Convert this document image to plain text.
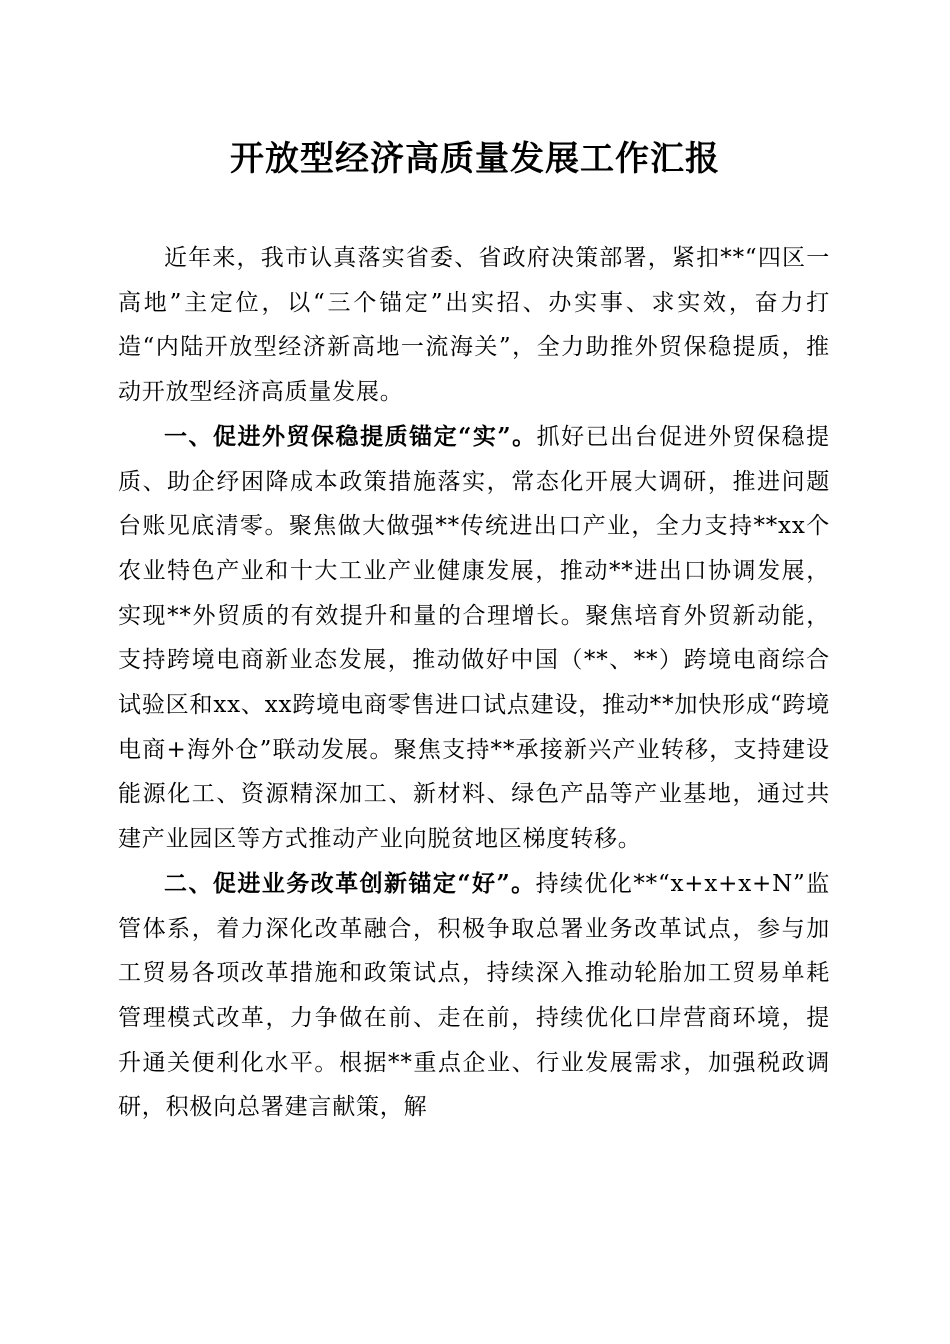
开放型经济高质量发展工作汇报

近年来，我市认真落实省委、省政府决策部署，紧扣**“四区一高地”主定位，以“三个锚定”出实招、办实事、求实效，奋力打造“内陆开放型经济新高地一流海关”，全力助推外贸保稳提质，推动开放型经济高质量发展。

一、促进外贸保稳提质锚定“实”。抓好已出台促进外贸保稳提质、助企纾困降成本政策措施落实，常态化开展大调研，推进问题台账见底清零。聚焦做大做强**传统进出口产业，全力支持**xx个农业特色产业和十大工业产业健康发展，推动**进出口协调发展，实现**外贸质的有效提升和量的合理增长。聚焦培育外贸新动能，支持跨境电商新业态发展，推动做好中国（**、**）跨境电商综合试验区和xx、xx跨境电商零售进口试点建设，推动**加快形成“跨境电商+海外仓”联动发展。聚焦支持**承接新兴产业转移，支持建设能源化工、资源精深加工、新材料、绿色产品等产业基地，通过共建产业园区等方式推动产业向脱贫地区梯度转移。

二、促进业务改革创新锚定“好”。持续优化**“x+x+x+N”监管体系，着力深化改革融合，积极争取总署业务改革试点，参与加工贸易各项改革措施和政策试点，持续深入推动轮胎加工贸易单耗管理模式改革，力争做在前、走在前，持续优化口岸营商环境，提升通关便利化水平。根据**重点企业、行业发展需求，加强税政调研，积极向总署建言献策，解
